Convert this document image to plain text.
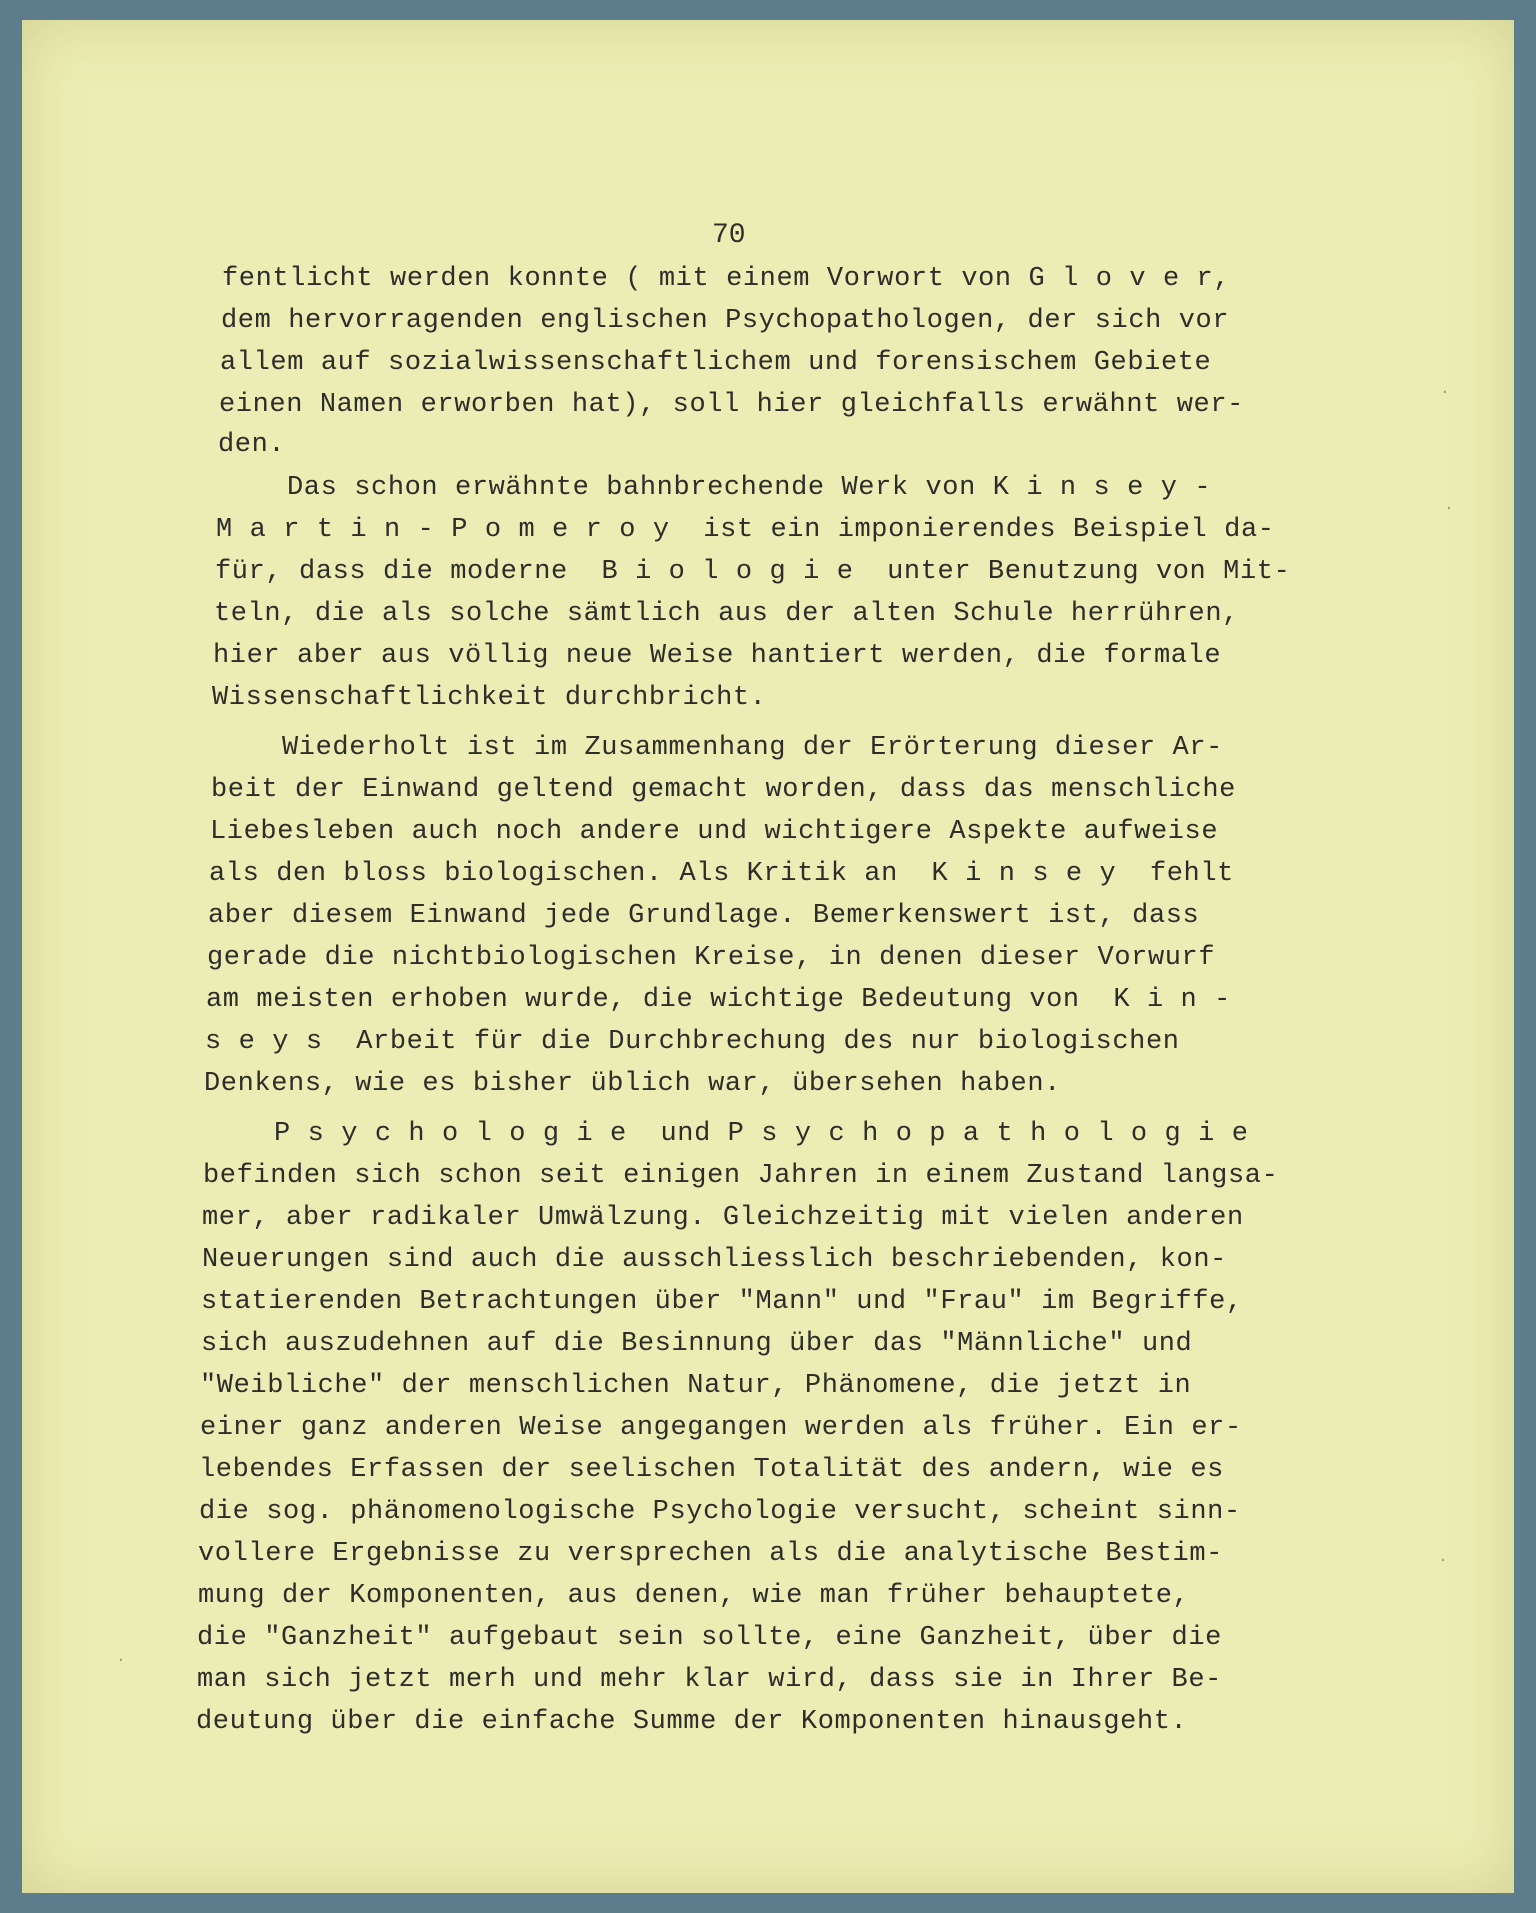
70
fentlicht werden konnte ( mit einem Vorwort von G l o v e r,
dem hervorragenden englischen Psychopathologen, der sich vor
allem auf sozialwissenschaftlichem und forensischem Gebiete
einen Namen erworben hat), soll hier gleichfalls erwähnt wer-
den.
Das schon erwähnte bahnbrechende Werk von K i n s e y -
M a r t i n - P o m e r o y  ist ein imponierendes Beispiel da-
für, dass die moderne  B i o l o g i e  unter Benutzung von Mit-
teln, die als solche sämtlich aus der alten Schule herrühren,
hier aber aus völlig neue Weise hantiert werden, die formale
Wissenschaftlichkeit durchbricht.
Wiederholt ist im Zusammenhang der Erörterung dieser Ar-
beit der Einwand geltend gemacht worden, dass das menschliche
Liebesleben auch noch andere und wichtigere Aspekte aufweise
als den bloss biologischen. Als Kritik an  K i n s e y  fehlt
aber diesem Einwand jede Grundlage. Bemerkenswert ist, dass
gerade die nichtbiologischen Kreise, in denen dieser Vorwurf
am meisten erhoben wurde, die wichtige Bedeutung von  K i n -
s e y s  Arbeit für die Durchbrechung des nur biologischen
Denkens, wie es bisher üblich war, übersehen haben.
P s y c h o l o g i e  und P s y c h o p a t h o l o g i e
befinden sich schon seit einigen Jahren in einem Zustand langsa-
mer, aber radikaler Umwälzung. Gleichzeitig mit vielen anderen
Neuerungen sind auch die ausschliesslich beschriebenden, kon-
statierenden Betrachtungen über "Mann" und "Frau" im Begriffe,
sich auszudehnen auf die Besinnung über das "Männliche" und
"Weibliche" der menschlichen Natur, Phänomene, die jetzt in
einer ganz anderen Weise angegangen werden als früher. Ein er-
lebendes Erfassen der seelischen Totalität des andern, wie es
die sog. phänomenologische Psychologie versucht, scheint sinn-
vollere Ergebnisse zu versprechen als die analytische Bestim-
mung der Komponenten, aus denen, wie man früher behauptete,
die "Ganzheit" aufgebaut sein sollte, eine Ganzheit, über die
man sich jetzt merh und mehr klar wird, dass sie in Ihrer Be-
deutung über die einfache Summe der Komponenten hinausgeht.
·
·
·
·
